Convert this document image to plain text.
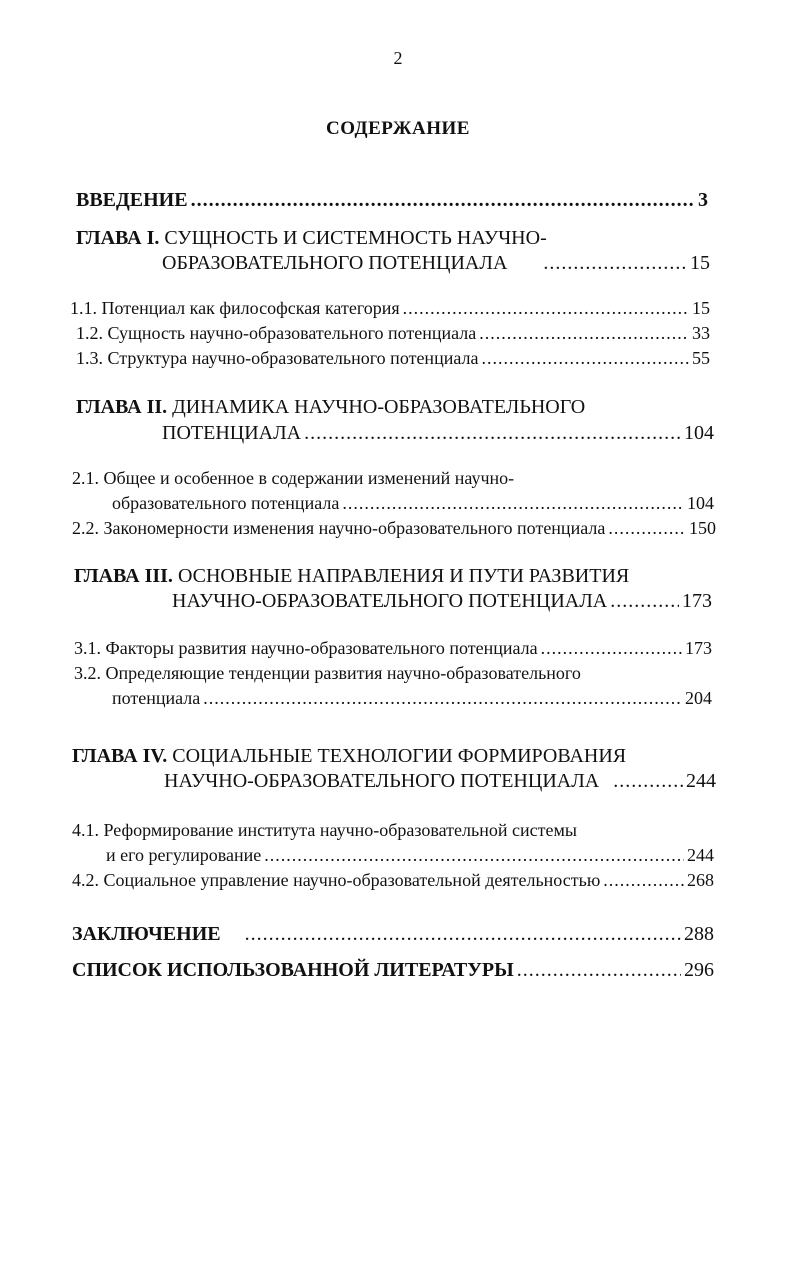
2
СОДЕРЖАНИЕ
ВВЕДЕНИЕ .....	3
ГЛАВА I. СУЩНОСТЬ И СИСТЕМНОСТЬ НАУЧНО-
ОБРАЗОВАТЕЛЬНОГО ПОТЕНЦИАЛА .....	15
1.1. Потенциал как философская категория .....	15
1.2. Сущность научно-образовательного потенциала .....	33
1.3. Структура научно-образовательного потенциала .....	55
ГЛАВА II. ДИНАМИКА НАУЧНО-ОБРАЗОВАТЕЛЬНОГО
ПОТЕНЦИАЛА .....	104
2.1. Общее и особенное в содержании изменений научно-
образовательного потенциала .....	104
2.2. Закономерности изменения научно-образовательного потенциала .....	150
ГЛАВА III. ОСНОВНЫЕ НАПРАВЛЕНИЯ И ПУТИ РАЗВИТИЯ
НАУЧНО-ОБРАЗОВАТЕЛЬНОГО ПОТЕНЦИАЛА .....	173
3.1. Факторы развития научно-образовательного потенциала .....	173
3.2. Определяющие тенденции развития научно-образовательного
потенциала .....	204
ГЛАВА IV. СОЦИАЛЬНЫЕ ТЕХНОЛОГИИ ФОРМИРОВАНИЯ
НАУЧНО-ОБРАЗОВАТЕЛЬНОГО ПОТЕНЦИАЛА .....	244
4.1. Реформирование института научно-образовательной системы
и его регулирование .....	244
4.2. Социальное управление научно-образовательной деятельностью .....	268
ЗАКЛЮЧЕНИЕ .....	288
СПИСОК ИСПОЛЬЗОВАННОЙ ЛИТЕРАТУРЫ .....	296
